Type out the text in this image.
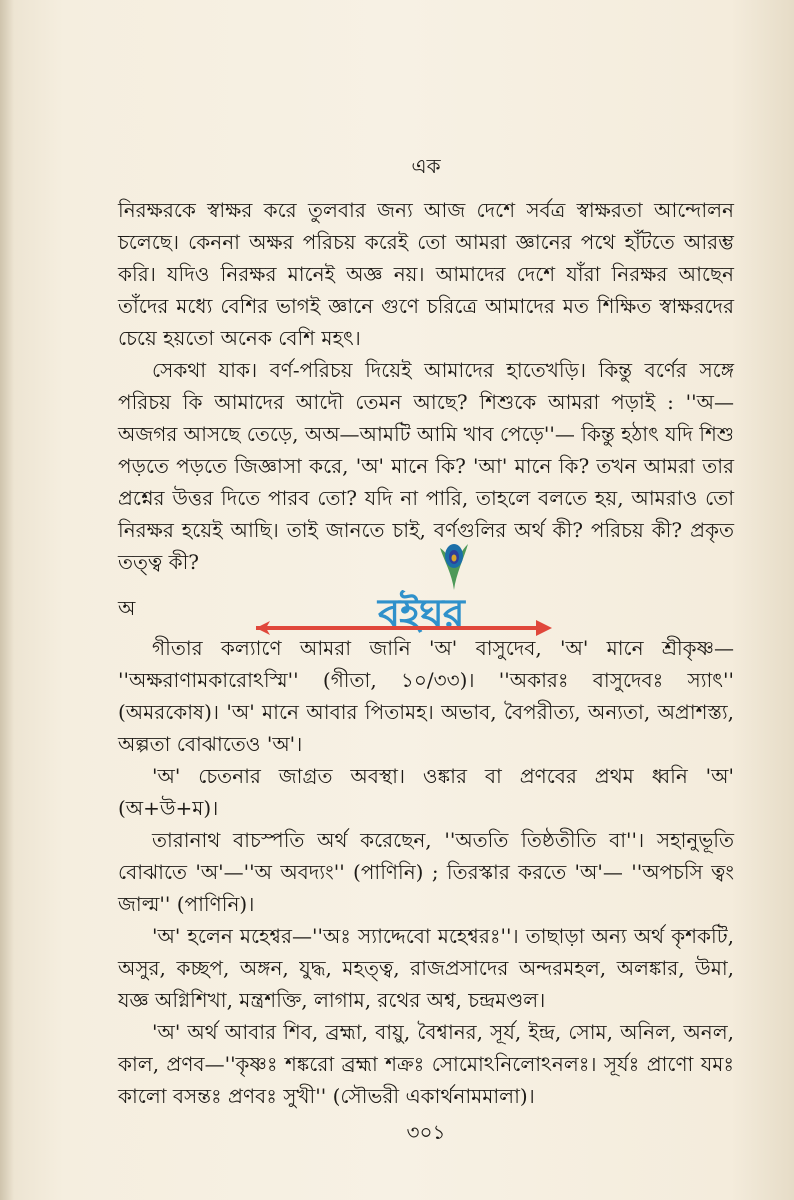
এক

নিরক্ষরকে স্বাক্ষর করে তুলবার জন্য আজ দেশে সর্বত্র স্বাক্ষরতা আন্দোলন চলেছে। কেননা অক্ষর পরিচয় করেই তো আমরা জ্ঞানের পথে হাঁটতে আরম্ভ করি। যদিও নিরক্ষর মানেই অজ্ঞ নয়। আমাদের দেশে যাঁরা নিরক্ষর আছেন তাঁদের মধ্যে বেশির ভাগই জ্ঞানে গুণে চরিত্রে আমাদের মত শিক্ষিত স্বাক্ষরদের চেয়ে হয়তো অনেক বেশি মহৎ।

সেকথা যাক। বর্ণ-পরিচয় দিয়েই আমাদের হাতেখড়ি। কিন্তু বর্ণের সঙ্গে পরিচয় কি আমাদের আদৌ তেমন আছে? শিশুকে আমরা পড়াই : ''অ—অজগর আসছে তেড়ে, অঅ—আমটি আমি খাব পেড়ে''— কিন্তু হঠাৎ যদি শিশু পড়তে পড়তে জিজ্ঞাসা করে, 'অ' মানে কি? 'আ' মানে কি? তখন আমরা তার প্রশ্নের উত্তর দিতে পারব তো? যদি না পারি, তাহলে বলতে হয়, আমরাও তো নিরক্ষর হয়েই আছি। তাই জানতে চাই, বর্ণগুলির অর্থ কী? পরিচয় কী? প্রকৃত তত্ত্ব কী?

অ

গীতার কল্যাণে আমরা জানি 'অ' বাসুদেব, 'অ' মানে শ্রীকৃষ্ণ— ''অক্ষরাণামকারোঽস্মি'' (গীতা, ১০/৩৩)। ''অকারঃ বাসুদেবঃ স্যাৎ'' (অমরকোষ)। 'অ' মানে আবার পিতামহ। অভাব, বৈপরীত্য, অন্যতা, অপ্রাশস্ত্য, অল্পতা বোঝাতেও 'অ'।

'অ' চেতনার জাগ্রত অবস্থা। ওঙ্কার বা প্রণবের প্রথম ধ্বনি 'অ' (অ+উ+ম)।

তারানাথ বাচস্পতি অর্থ করেছেন, ''অততি তিষ্ঠতীতি বা''। সহানুভূতি বোঝাতে 'অ'—''অ অবদ্যং'' (পাণিনি) ; তিরস্কার করতে 'অ'— ''অপচসি ত্বং জাল্ম'' (পাণিনি)।

'অ' হলেন মহেশ্বর—''অঃ স্যাদ্দেবো মহেশ্বরঃ''। তাছাড়া অন্য অর্থ কৃশকটি, অসুর, কচ্ছপ, অঙ্গন, যুদ্ধ, মহত্ত্ব, রাজপ্রসাদের অন্দরমহল, অলঙ্কার, উমা, যজ্ঞ অগ্নিশিখা, মন্ত্রশক্তি, লাগাম, রথের অশ্ব, চন্দ্রমণ্ডল।

'অ' অর্থ আবার শিব, ব্রহ্মা, বায়ু, বৈশ্বানর, সূর্য, ইন্দ্র, সোম, অনিল, অনল, কাল, প্রণব—''কৃষ্ণঃ শঙ্করো ব্রহ্মা শক্রঃ সোমোঽনিলোঽনলঃ। সূর্যঃ প্রাণো যমঃ কালো বসন্তঃ প্রণবঃ সুখী'' (সৌভরী একার্থনামমালা)।

৩০১
বইঘর
